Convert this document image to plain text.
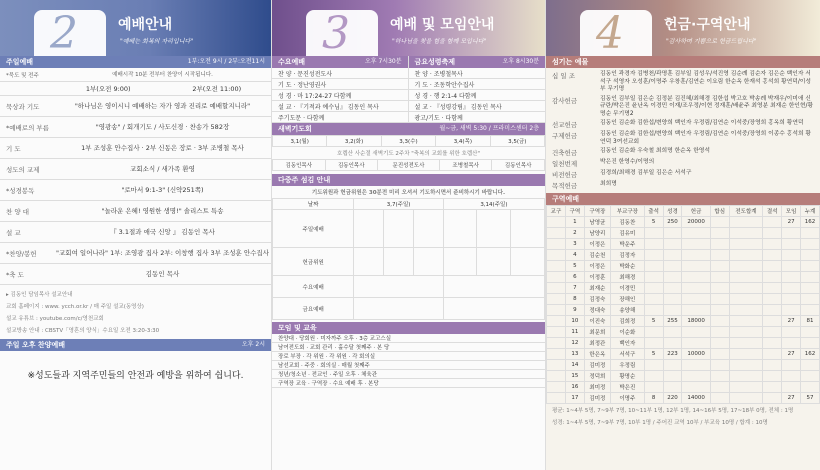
2	예배안내
"예배는 회복의 자리입니다"
주일예배	1부:오전 9시 / 2부:오전11시
*묵도 및 전주	예배시작 10분 전부터 찬양이 시작됩니다.
1부(오전 9:00)	2부(오전 11:00)
묵상과 기도	"하나님은 영이시니 예배하는 자가 영과 진리로 예배할지니라"
*예배로의 부름	"영광송" / 회개기도 / 사도신경 · 찬송가 582장
기 도	1부 조성훈 안수집사 · 2부 신동은 장로 · 3부 조병철 목사
성도의 교제	교회소식 / 새가족 환영
*성경봉독	"로마서 9:1-3" (신약251쪽)
찬 양 대	"놀라운 은혜! 영원한 생명!" 솔리스트 특송
설 교	『 3.1절과 애국 신앙 』 김동인 목사
*찬양/봉헌	"교회여 일어나라" 1부: 조영광 집사 2부: 이창행 집사 3부 조성훈 안수집사
*축 도	김동인 목사
▸ 김동인 담임목사 설교안내
교회 홈페이지 : www. ycch.or.kr / 매 주일 설교(동영상)
설교 유튜브 : youtube.com/c/영천교회
설교방송 안내 : CBSTV「영혼의 양식」수요일 오전 3:20-3:30
주일 오후 찬양예배	오후 2시
※성도들과 지역주민들의 안전과 예방을 위하여 쉽니다.
3	예배 및 모임안내
"하나님을 찾을 힘을 함께 모입니다"
수요예배	오후 7시30분
찬 양 · 문진성전도사
기 도 · 정난영권사
성 경 · 마 17:24-27 다함께
설 교 · 『기적과 예수님』 김동인 목사
주기도문 · 다함께
금요성령축제	오후 8시30분
찬 양 · 조병철목사
기 도 · 조동학안수집사
성 경 · 행 2:1-4 다함께
설 교 · 『성령강림』 김동인 목사
광고/기도 · 다함께
새벽기도회	월~금, 새벽 5:30 / 프라미스센터 2층
3,1(월)	3,2(화)	3,3(수)	3,4(목)	3,5(금)
호렙산 사순절 새벽기도 2주차 "축복의 교회를 위한 호렙산"
김동인목사	김동인목사	문진성전도사	조병철목사	김동인목사
다중주 섬김 안내
기도위원과 헌금위원은 30분전 미리 오셔서 기도하시면서 준비하시기 바랍니다.
날짜	3,7(주일)			3,14(주일)		
주일예배						
헌금위원						
수요예배						
금요예배						
모임 및 교육
찬양대 · 당회원 · 미자까주 오후 · 3층 교고스실
남여전도회 · 교회 관리 · 홀수달 첫째주 · 본 당
장로 부장 · 각 위원 · 각 위원 · 각 회의실
남선교회 · 주중 · 회의실 · 매월 첫째주
청년/청소년 · 전교인 · 주일 오후 · 체육관
구역장 교육 · 구역장 · 수요 예배 후 · 본당
4	헌금·구역안내
"감사하며 기쁨으로 헌금드립니다"
섬기는 예물
십 일 조	김동인 곽경자 김병천/곽명훈 김부일 김성우/석진영 김순례 김순자 김은순 백인자 서석구 석영자 오성훈/이명주 우창훈/김연순 이요림 한순옥 한재석 홍석희 황연덕/이성부 무기명
감사헌금	김동인 김부일 김은순 김정분 김진혜/최해경 김한섭 박고호 박송례 박재우/이미애 신규란/박은진 윤난옥 이경민 이재/조우정/이현 정재훈/배윤주 최영분 최재순 한인현/황명순 무기명2
선교헌금	김동인 김순화 김한섭/변양희 백인자 우정림/김연순 이석중/장영희 홍옥희 황연덕
구제헌금	김동인 김순화 김한섭/변양희 백인자 우정림/김연순 이석중/장영희 이종수 홍석희 황연덕 3여선교회
건축헌금	김동인 김순화 우숙철 최희명 한순옥 한영석
일천번제	박은진 한영수/이명의
비전헌금	김경희/최해경 김부일 김은순 서석구
목적헌금	최희명
구역예배
교구	구역	구역장	부교구장	출석	성경	헌금	합심	전도합계	결석	모임	누계
	1	남영균	김동찬	5	250	20000				27	162
	2	남양리	김유미								
	3	이정은	박운주								
	4	김순천	김정자								
	5	이정은	박화순								
	6	이정훈	최해경								
	7	최재순	이경민								
	8	김정숙	장해인								
	9	정대숙	송양해								
	10	이진숙	김희정	5	255	18000				27	81
	11	최문희	이순화								
	12	최정관	백인자								
	13	한은옥	서석구	5	223	10000				27	162
	14	김미정	우정림								
	15	정덕희	황명순								
	16	최미정	박은진								
	17	김미정	이명주	8	220	14000				27	57
평균: 1~4부 5명, 7~9부 7명, 10~11부 1명, 12부 1명, 14~16부 5명, 17~18부 0명, 전체 : 1명
성경: 1~4부 5명, 7~9부 7명, 10부 1명 / 주어진 교역 10부 / 부교육 10명 / 합계 : 10명
